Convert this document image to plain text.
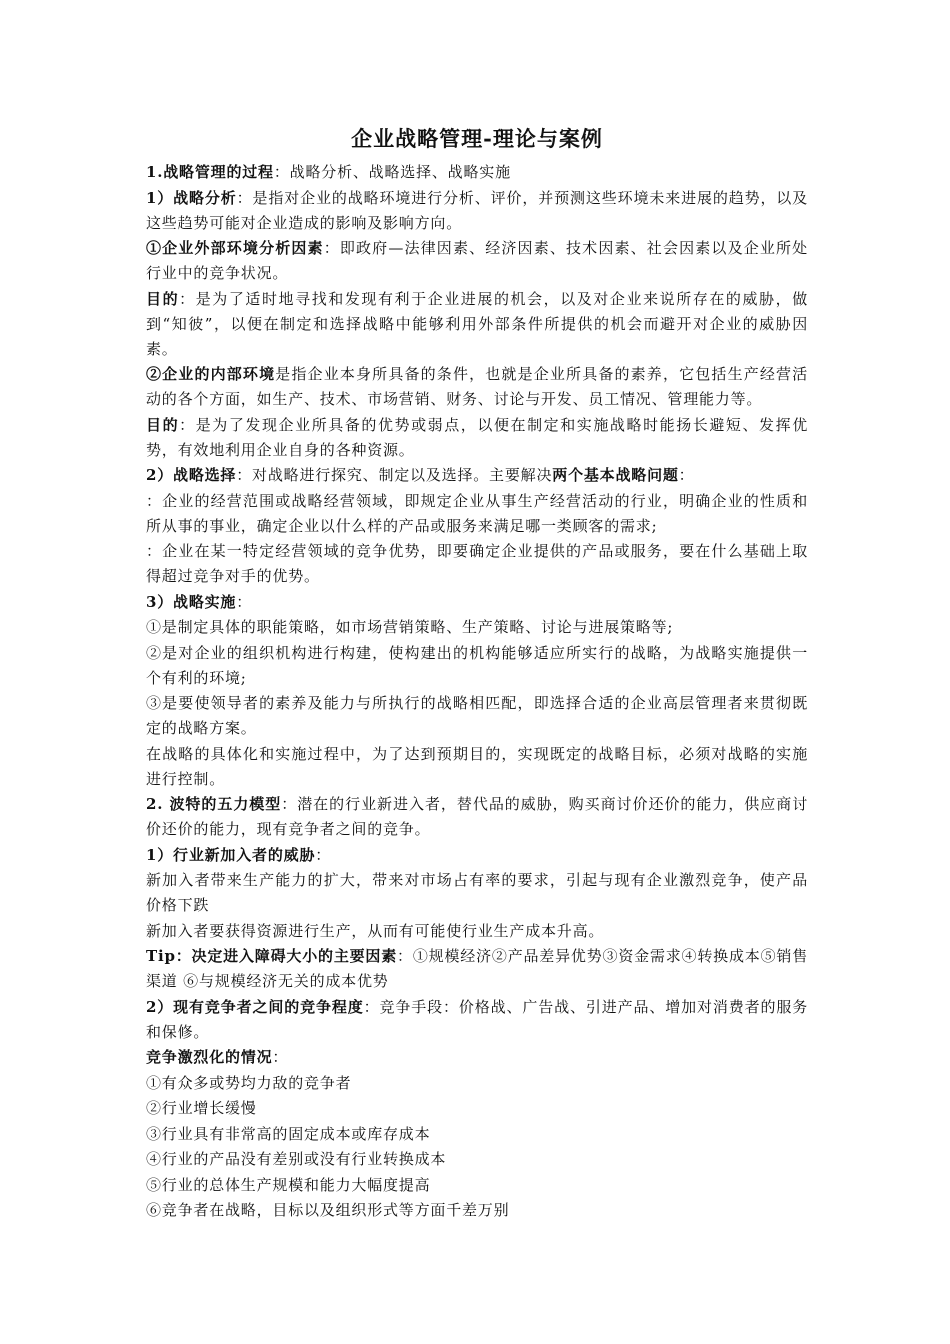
企业战略管理-理论与案例
1.战略管理的过程：战略分析、战略选择、战略实施
1）战略分析：是指对企业的战略环境进行分析、评价，并预测这些环境未来进展的趋势，以及这些趋势可能对企业造成的影响及影响方向。
①企业外部环境分析因素：即政府—法律因素、经济因素、技术因素、社会因素以及企业所处行业中的竞争状况。
目的：是为了适时地寻找和发现有利于企业进展的机会，以及对企业来说所存在的威胁，做到“知彼”，以便在制定和选择战略中能够利用外部条件所提供的机会而避开对企业的威胁因素。
②企业的内部环境是指企业本身所具备的条件，也就是企业所具备的素养，它包括生产经营活动的各个方面，如生产、技术、市场营销、财务、讨论与开发、员工情况、管理能力等。
目的：是为了发现企业所具备的优势或弱点，以便在制定和实施战略时能扬长避短、发挥优势，有效地利用企业自身的各种资源。
2）战略选择：对战略进行探究、制定以及选择。主要解决两个基本战略问题：
：企业的经营范围或战略经营领域，即规定企业从事生产经营活动的行业，明确企业的性质和所从事的事业，确定企业以什么样的产品或服务来满足哪一类顾客的需求;
：企业在某一特定经营领域的竞争优势，即要确定企业提供的产品或服务，要在什么基础上取得超过竞争对手的优势。
3）战略实施：
①是制定具体的职能策略，如市场营销策略、生产策略、讨论与进展策略等;
②是对企业的组织机构进行构建，使构建出的机构能够适应所实行的战略，为战略实施提供一个有利的环境;
③是要使领导者的素养及能力与所执行的战略相匹配，即选择合适的企业高层管理者来贯彻既定的战略方案。
在战略的具体化和实施过程中，为了达到预期目的，实现既定的战略目标，必须对战略的实施进行控制。
2. 波特的五力模型：潜在的行业新进入者，替代品的威胁，购买商讨价还价的能力，供应商讨价还价的能力，现有竞争者之间的竞争。
1）行业新加入者的威胁：
新加入者带来生产能力的扩大，带来对市场占有率的要求，引起与现有企业激烈竞争，使产品价格下跌
新加入者要获得资源进行生产，从而有可能使行业生产成本升高。
Tip：决定进入障碍大小的主要因素：①规模经济②产品差异优势③资金需求④转换成本⑤销售渠道 ⑥与规模经济无关的成本优势
2）现有竞争者之间的竞争程度：竞争手段：价格战、广告战、引进产品、增加对消费者的服务和保修。
竞争激烈化的情况：
①有众多或势均力敌的竞争者
②行业增长缓慢
③行业具有非常高的固定成本或库存成本
④行业的产品没有差别或没有行业转换成本
⑤行业的总体生产规模和能力大幅度提高
⑥竞争者在战略，目标以及组织形式等方面千差万别
